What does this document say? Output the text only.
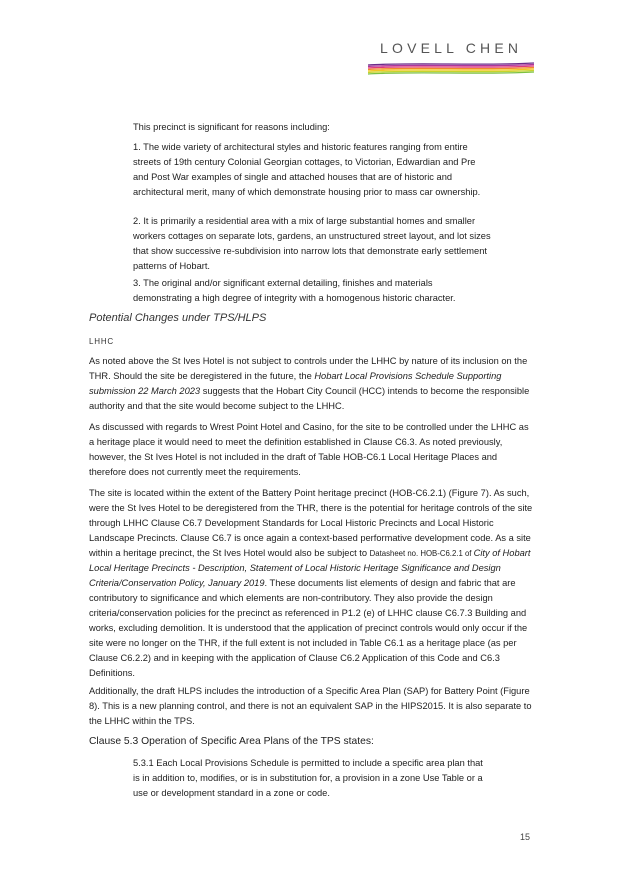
LOVELL CHEN

This precinct is significant for reasons including:

1. The wide variety of architectural styles and historic features ranging from entire streets of 19th century Colonial Georgian cottages, to Victorian, Edwardian and Pre and Post War examples of single and attached houses that are of historic and architectural merit, many of which demonstrate housing prior to mass car ownership.

2. It is primarily a residential area with a mix of large substantial homes and smaller workers cottages on separate lots, gardens, an unstructured street layout, and lot sizes that show successive re-subdivision into narrow lots that demonstrate early settlement patterns of Hobart.

3. The original and/or significant external detailing, finishes and materials demonstrating a high degree of integrity with a homogenous historic character.

Potential Changes under TPS/HLPS
LHHC

As noted above the St Ives Hotel is not subject to controls under the LHHC by nature of its inclusion on the THR. Should the site be deregistered in the future, the Hobart Local Provisions Schedule Supporting submission 22 March 2023 suggests that the Hobart City Council (HCC) intends to become the responsible authority and that the site would become subject to the LHHC.

As discussed with regards to Wrest Point Hotel and Casino, for the site to be controlled under the LHHC as a heritage place it would need to meet the definition established in Clause C6.3. As noted previously, however, the St Ives Hotel is not included in the draft of Table HOB-C6.1 Local Heritage Places and therefore does not currently meet the requirements.

The site is located within the extent of the Battery Point heritage precinct (HOB-C6.2.1) (Figure 7). As such, were the St Ives Hotel to be deregistered from the THR, there is the potential for heritage controls of the site through LHHC Clause C6.7 Development Standards for Local Historic Precincts and Local Historic Landscape Precincts. Clause C6.7 is once again a context-based performative development code. As a site within a heritage precinct, the St Ives Hotel would also be subject to Datasheet no. HOB-C6.2.1 of City of Hobart Local Heritage Precincts - Description, Statement of Local Historic Heritage Significance and Design Criteria/Conservation Policy, January 2019. These documents list elements of design and fabric that are contributory to significance and which elements are non-contributory. They also provide the design criteria/conservation policies for the precinct as referenced in P1.2 (e) of LHHC clause C6.7.3 Building and works, excluding demolition. It is understood that the application of precinct controls would only occur if the site were no longer on the THR, if the full extent is not included in Table C6.1 as a heritage place (as per Clause C6.2.2) and in keeping with the application of Clause C6.2 Application of this Code and C6.3 Definitions.

Additionally, the draft HLPS includes the introduction of a Specific Area Plan (SAP) for Battery Point (Figure 8). This is a new planning control, and there is not an equivalent SAP in the HIPS2015. It is also separate to the LHHC within the TPS.

Clause 5.3 Operation of Specific Area Plans of the TPS states:

5.3.1 Each Local Provisions Schedule is permitted to include a specific area plan that is in addition to, modifies, or is in substitution for, a provision in a zone Use Table or a use or development standard in a zone or code.

15
